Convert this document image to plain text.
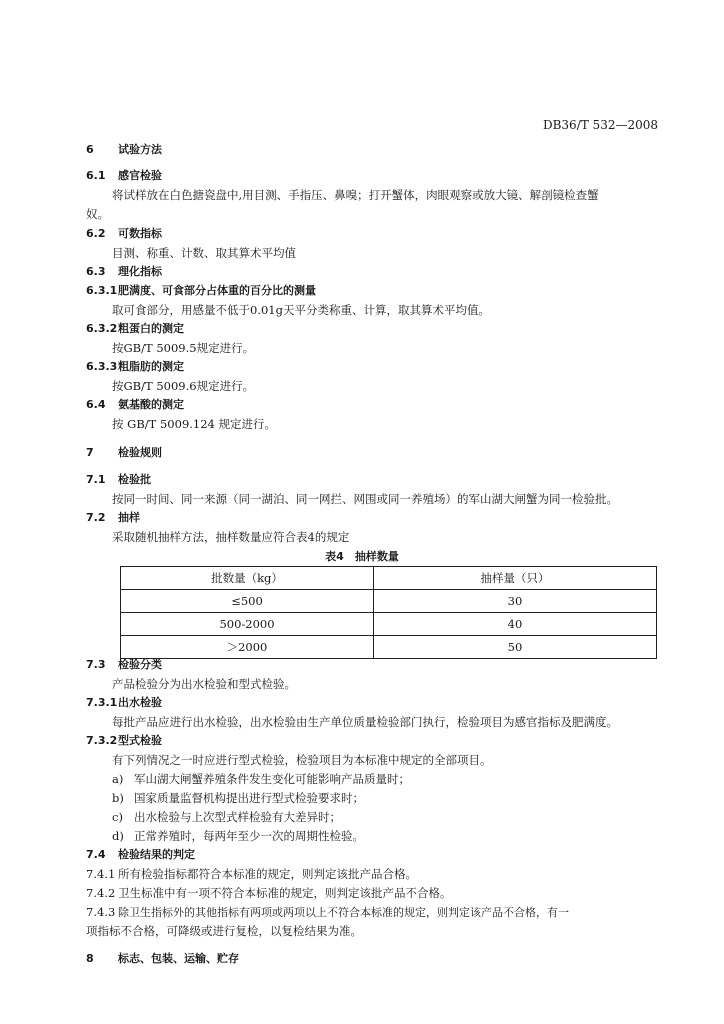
DB36/T 532—2008
6 试验方法
6.1 感官检验
将试样放在白色搪瓷盘中,用目测、手指压、鼻嗅；打开蟹体，肉眼观察或放大镜、解剖镜检查蟹
奴。
6.2 可数指标
目测、称重、计数、取其算术平均值
6.3 理化指标
6.3.1肥满度、可食部分占体重的百分比的测量
取可食部分，用感量不低于0.01g天平分类称重、计算，取其算术平均值。
6.3.2粗蛋白的测定
按GB/T 5009.5规定进行。
6.3.3粗脂肪的测定
按GB/T 5009.6规定进行。
6.4 氨基酸的测定
按 GB/T 5009.124 规定进行。
7 检验规则
7.1 检验批
按同一时间、同一来源（同一湖泊、同一网拦、网围或同一养殖场）的军山湖大闸蟹为同一检验批。
7.2 抽样
采取随机抽样方法，抽样数量应符合表4的规定
表4　抽样数量
批数量（kg）	抽样量（只）
≤500	30
500-2000	40
＞2000	50
7.3 检验分类
产品检验分为出水检验和型式检验。
7.3.1出水检验
每批产品应进行出水检验，出水检验由生产单位质量检验部门执行，检验项目为感官指标及肥满度。
7.3.2型式检验
有下列情况之一时应进行型式检验，检验项目为本标准中规定的全部项目。
a) 军山湖大闸蟹养殖条件发生变化可能影响产品质量时；
b) 国家质量监督机构提出进行型式检验要求时；
c) 出水检验与上次型式样检验有大差异时；
d) 正常养殖时，每两年至少一次的周期性检验。
7.4 检验结果的判定
7.4.1 所有检验指标都符合本标准的规定，则判定该批产品合格。
7.4.2 卫生标准中有一项不符合本标准的规定，则判定该批产品不合格。
7.4.3 除卫生指标外的其他指标有两项或两项以上不符合本标准的规定，则判定该产品不合格，有一
项指标不合格，可降级或进行复检，以复检结果为准。
8 标志、包装、运输、贮存
